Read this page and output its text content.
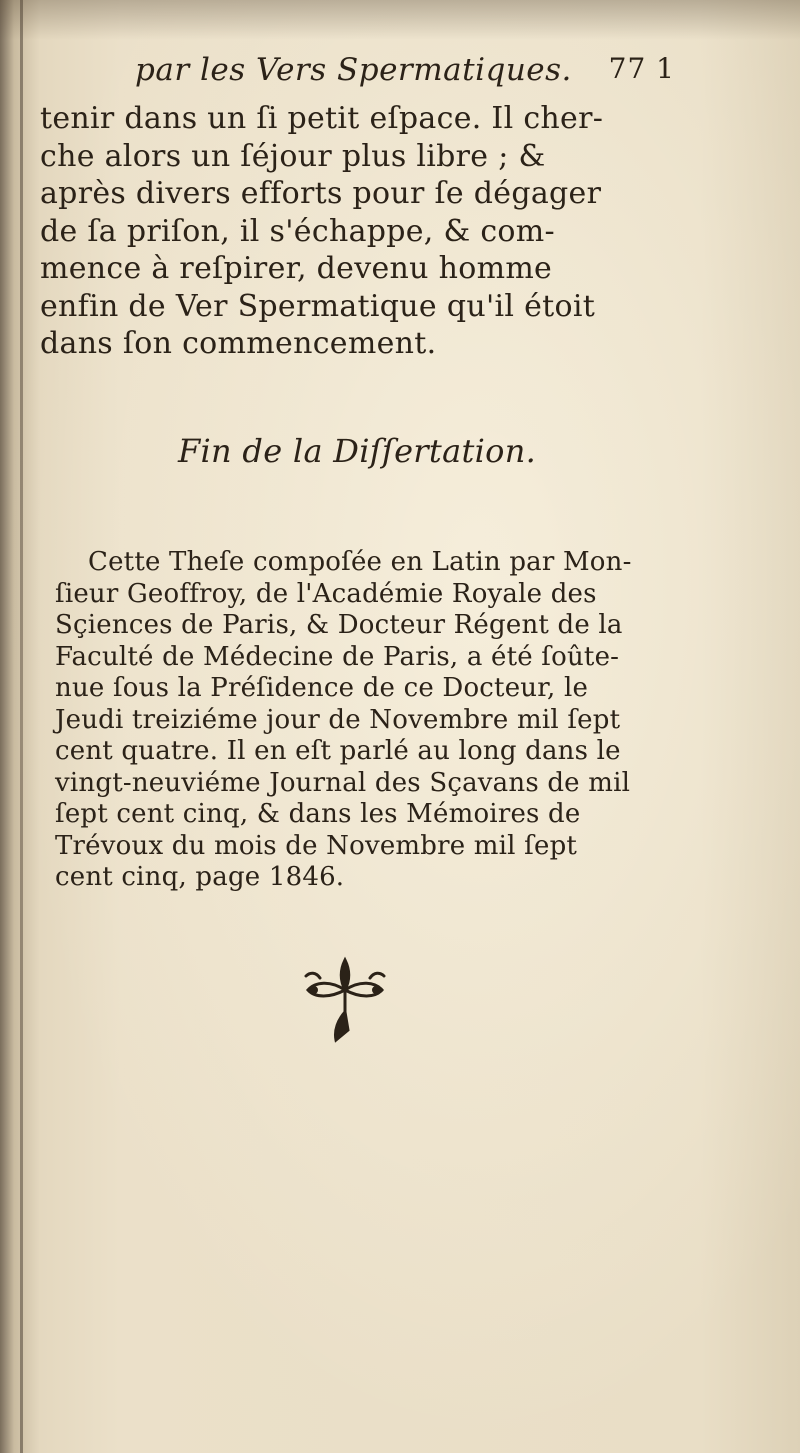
par les Vers Spermatiques. 77 1
tenir dans un ſi petit eſpace. Il cher-
che alors un ſéjour plus libre ; &
après divers efforts pour ſe dégager
de ſa priſon, il s'échappe, & com-
mence à reſpirer, devenu homme
enfin de Ver Spermatique qu'il étoit
dans ſon commencement.
Fin de la Diſſertation.
Cette Theſe compoſée en Latin par Mon-
ſieur Geoffroy, de l'Académie Royale des
Sçiences de Paris, & Docteur Régent de la
Faculté de Médecine de Paris, a été ſoûte-
nue ſous la Préſidence de ce Docteur, le
Jeudi treiziéme jour de Novembre mil ſept
cent quatre. Il en eſt parlé au long dans le
vingt-neuviéme Journal des Sçavans de mil
ſept cent cinq, & dans les Mémoires de
Trévoux du mois de Novembre mil ſept
cent cinq, page 1846.
